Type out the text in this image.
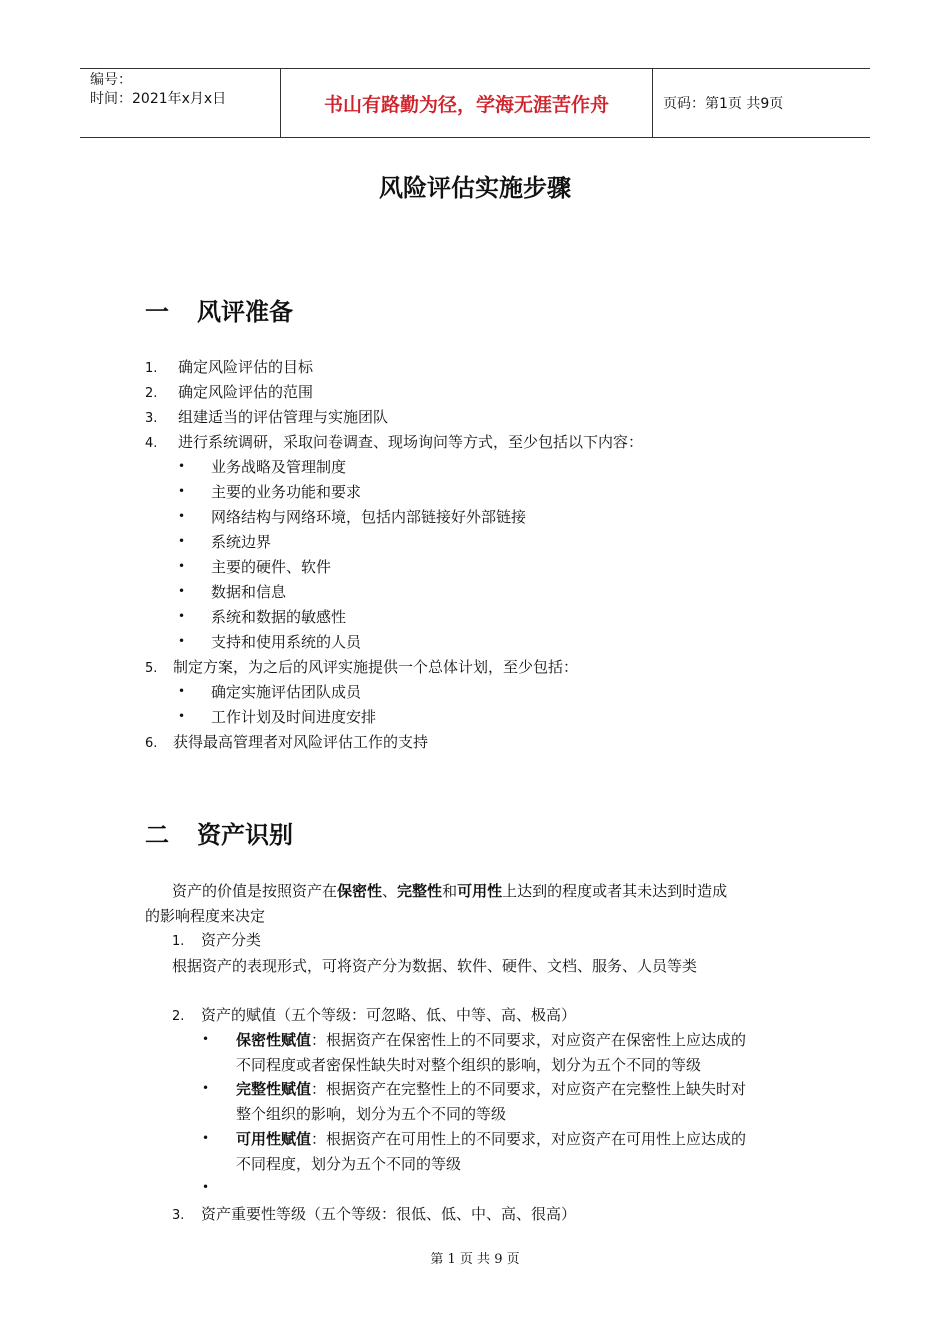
编号：
时间：2021年x月x日	书山有路勤为径，学海无涯苦作舟	页码：第1页 共9页
风险评估实施步骤
一	风评准备
1. 确定风险评估的目标
2. 确定风险评估的范围
3. 组建适当的评估管理与实施团队
4. 进行系统调研，采取问卷调查、现场询问等方式，至少包括以下内容：
• 业务战略及管理制度
• 主要的业务功能和要求
• 网络结构与网络环境，包括内部链接好外部链接
• 系统边界
• 主要的硬件、软件
• 数据和信息
• 系统和数据的敏感性
• 支持和使用系统的人员
5. 制定方案，为之后的风评实施提供一个总体计划，至少包括：
• 确定实施评估团队成员
• 工作计划及时间进度安排
6. 获得最高管理者对风险评估工作的支持
二	资产识别
资产的价值是按照资产在保密性、完整性和可用性上达到的程度或者其未达到时造成
的影响程度来决定
1. 资产分类
根据资产的表现形式，可将资产分为数据、软件、硬件、文档、服务、人员等类
2. 资产的赋值（五个等级：可忽略、低、中等、高、极高）
• 保密性赋值：根据资产在保密性上的不同要求，对应资产在保密性上应达成的
不同程度或者密保性缺失时对整个组织的影响，划分为五个不同的等级
• 完整性赋值：根据资产在完整性上的不同要求，对应资产在完整性上缺失时对
整个组织的影响，划分为五个不同的等级
• 可用性赋值：根据资产在可用性上的不同要求，对应资产在可用性上应达成的
不同程度，划分为五个不同的等级
•
3. 资产重要性等级（五个等级：很低、低、中、高、很高）
第 1 页 共 9 页
